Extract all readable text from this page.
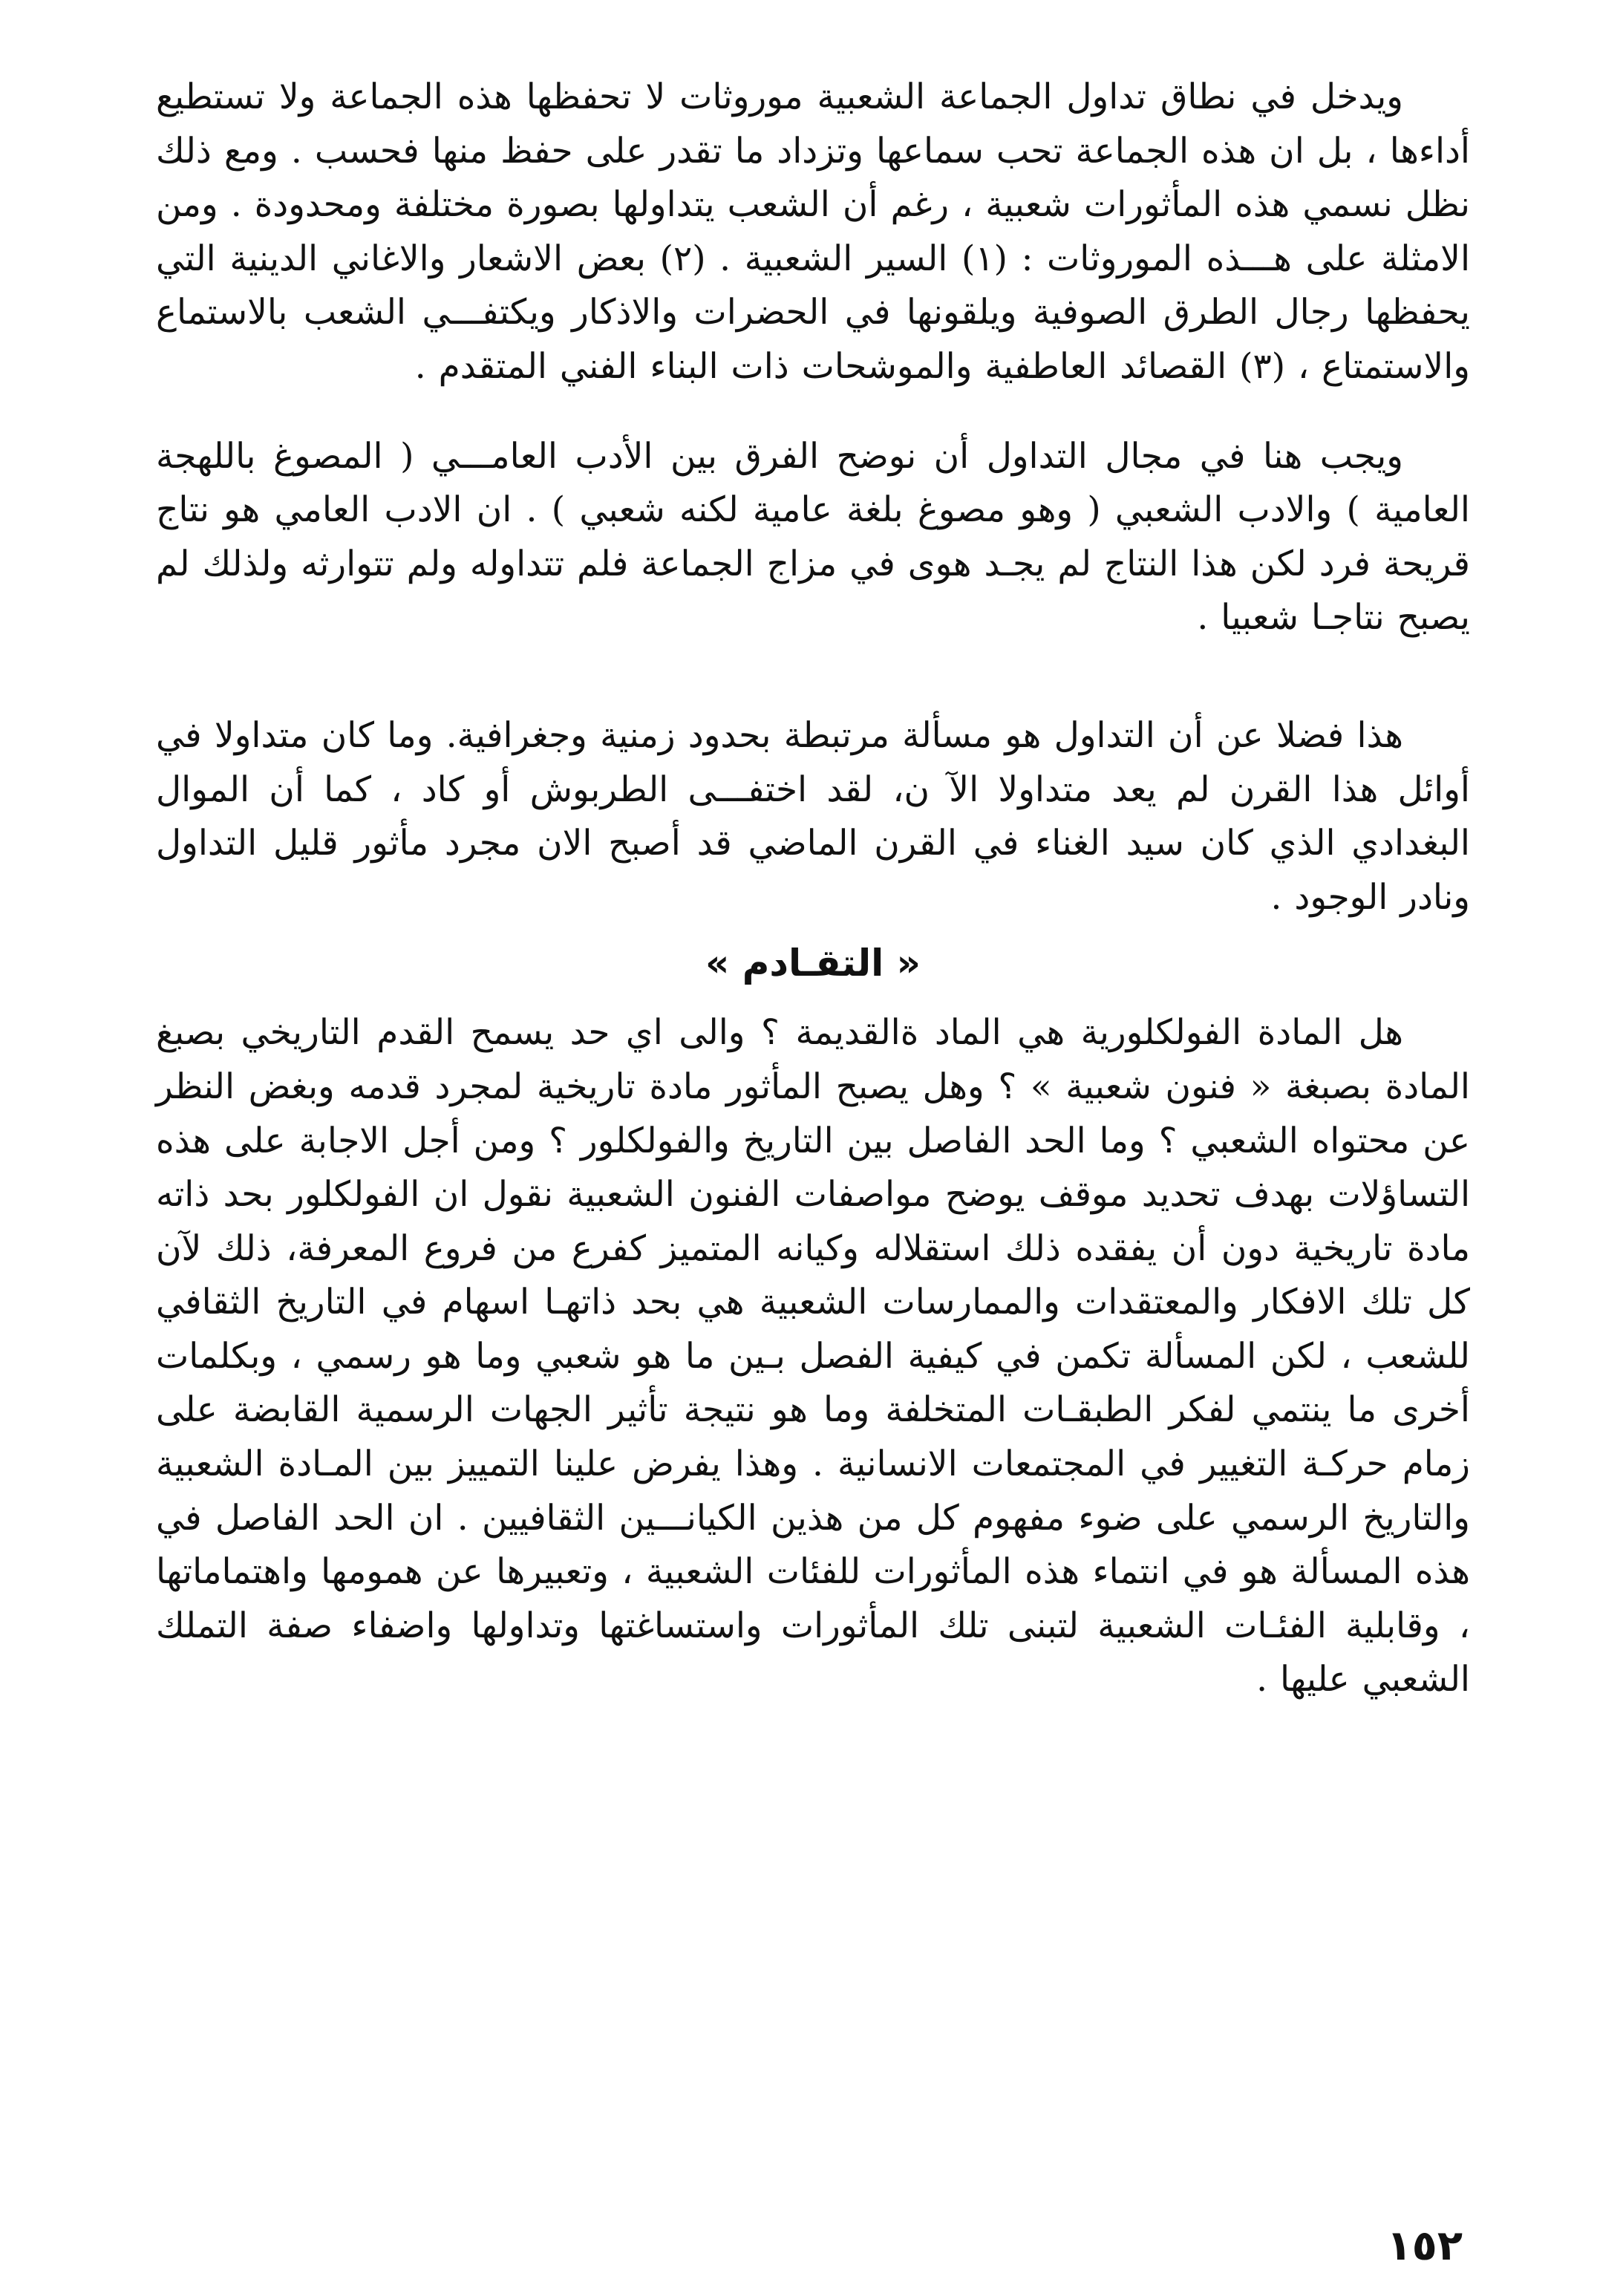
ويدخل في نطاق تداول الجماعة الشعبية موروثات لا تحفظها هذه الجماعة ولا تستطيع أداءها ، بل ان هذه الجماعة تحب سماعها وتزداد ما تقدر على حفظ منها فحسب . ومع ذلك نظل نسمي هذه المأثورات شعبية ، رغم أن الشعب يتداولها بصورة مختلفة ومحدودة . ومن الامثلة على هـــذه الموروثات : (١) السير الشعبية . (٢) بعض الاشعار والاغاني الدينية التي يحفظها رجال الطرق الصوفية ويلقونها في الحضرات والاذكار ويكتفـــي الشعب بالاستماع والاستمتاع ، (٣) القصائد العاطفية والموشحات ذات البناء الفني المتقدم .

ويجب هنا في مجال التداول أن نوضح الفرق بين الأدب العامـــي ( المصوغ باللهجة العامية ) والادب الشعبي ( وهو مصوغ بلغة عامية لكنه شعبي ) . ان الادب العامي هو نتاج قريحة فرد لكن هذا النتاج لم يجـد هوى في مزاج الجماعة فلم تتداوله ولم تتوارثه ولذلك لم يصبح نتاجـا شعبيا .

هذا فضلا عن أن التداول هو مسألة مرتبطة بحدود زمنية وجغرافية. وما كان متداولا في أوائل هذا القرن لم يعد متداولا الآ ن، لقد اختفـــى الطربوش أو كاد ، كما أن الموال البغدادي الذي كان سيد الغناء في القرن الماضي قد أصبح الان مجرد مأثور قليل التداول ونادر الوجود .

« التقـادم »

هل المادة الفولكلورية هي الماد ةالقديمة ؟ والى اي حد يسمح القدم التاريخي بصبغ المادة بصبغة « فنون شعبية » ؟ وهل يصبح المأثور مادة تاريخية لمجرد قدمه وبغض النظر عن محتواه الشعبي ؟ وما الحد الفاصل بين التاريخ والفولكلور ؟ ومن أجل الاجابة على هذه التساؤلات بهدف تحديد موقف يوضح مواصفات الفنون الشعبية نقول ان الفولكلور بحد ذاته مادة تاريخية دون أن يفقده ذلك استقلاله وكيانه المتميز كفرع من فروع المعرفة، ذلك لآن كل تلك الافكار والمعتقدات والممارسات الشعبية هي بحد ذاتهـا اسهام في التاريخ الثقافي للشعب ، لكن المسألة تكمن في كيفية الفصل بـين ما هو شعبي وما هو رسمي ، وبكلمات أخرى ما ينتمي لفكر الطبقـات المتخلفة وما هو نتيجة تأثير الجهات الرسمية القابضة على زمام حركـة التغيير في المجتمعات الانسانية . وهذا يفرض علينا التمييز بين المـادة الشعبية والتاريخ الرسمي على ضوء مفهوم كل من هذين الكيانـــين الثقافيين . ان الحد الفاصل في هذه المسألة هو في انتماء هذه المأثورات للفئات الشعبية ، وتعبيرها عن همومها واهتماماتها ، وقابلية الفئـات الشعبية لتبنى تلك المأثورات واستساغتها وتداولها واضفاء صفة التملك الشعبي عليها .

١٥٢
